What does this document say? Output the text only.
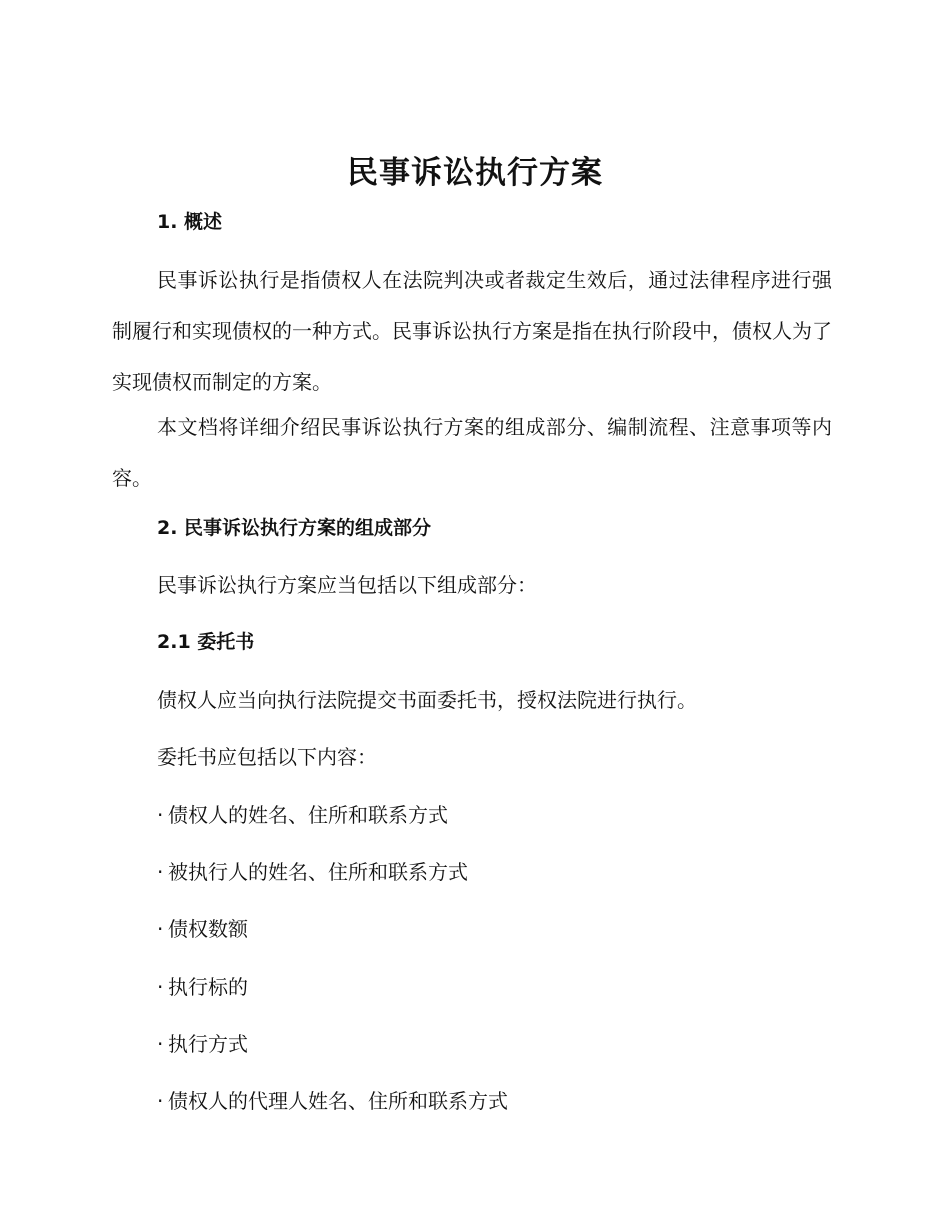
民事诉讼执行方案
1. 概述

民事诉讼执行是指债权人在法院判决或者裁定生效后，通过法律程序进行强制履行和实现债权的一种方式。民事诉讼执行方案是指在执行阶段中，债权人为了实现债权而制定的方案。

本文档将详细介绍民事诉讼执行方案的组成部分、编制流程、注意事项等内容。

2. 民事诉讼执行方案的组成部分

民事诉讼执行方案应当包括以下组成部分：

2.1 委托书

债权人应当向执行法院提交书面委托书，授权法院进行执行。

委托书应包括以下内容：

· 债权人的姓名、住所和联系方式

· 被执行人的姓名、住所和联系方式

· 债权数额

· 执行标的

· 执行方式

· 债权人的代理人姓名、住所和联系方式
